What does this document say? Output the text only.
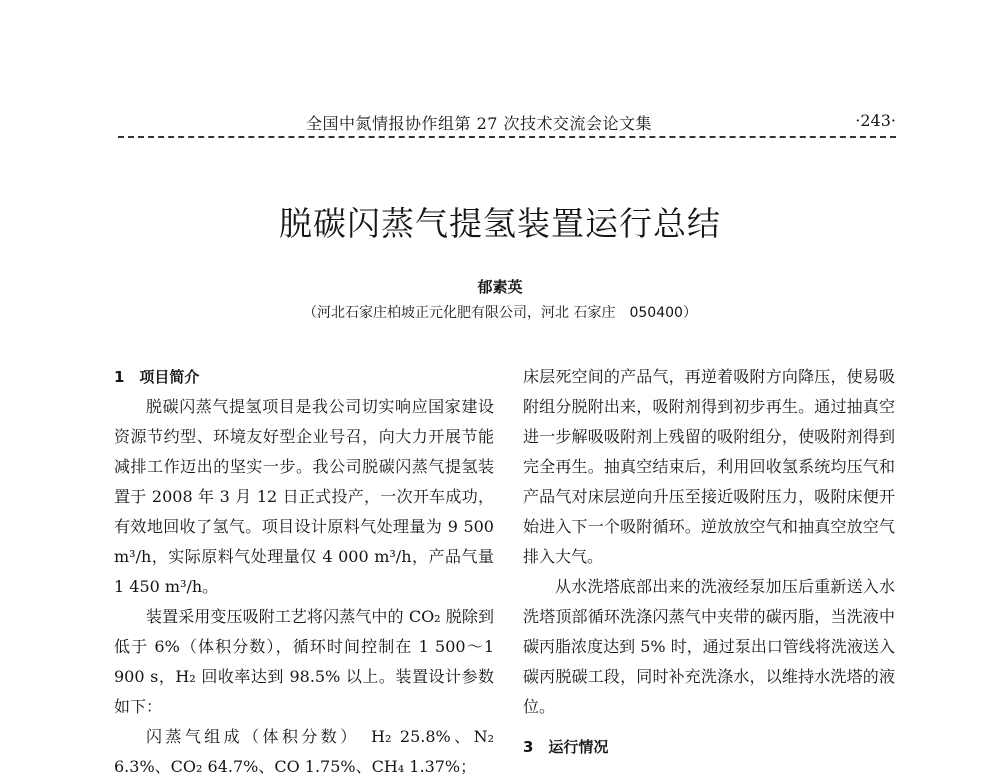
全国中氮情报协作组第 27 次技术交流会论文集	·243·
脱碳闪蒸气提氢装置运行总结
郁素英
（河北石家庄柏坡正元化肥有限公司，河北 石家庄　050400）

1　项目简介

脱碳闪蒸气提氢项目是我公司切实响应国家建设资源节约型、环境友好型企业号召，向大力开展节能减排工作迈出的坚实一步。我公司脱碳闪蒸气提氢装置于 2008 年 3 月 12 日正式投产，一次开车成功，有效地回收了氢气。项目设计原料气处理量为 9 500 m³/h，实际原料气处理量仅 4 000 m³/h，产品气量 1 450 m³/h。

装置采用变压吸附工艺将闪蒸气中的 CO₂ 脱除到低于 6%（体积分数），循环时间控制在 1 500～1 900 s，H₂ 回收率达到 98.5% 以上。装置设计参数如下：

闪蒸气组成（体积分数）　H₂ 25.8%、N₂ 6.3%、CO₂ 64.7%、CO 1.75%、CH₄ 1.37%；

床层死空间的产品气，再逆着吸附方向降压，使易吸附组分脱附出来，吸附剂得到初步再生。通过抽真空进一步解吸吸附剂上残留的吸附组分，使吸附剂得到完全再生。抽真空结束后，利用回收氢系统均压气和产品气对床层逆向升压至接近吸附压力，吸附床便开始进入下一个吸附循环。逆放放空气和抽真空放空气排入大气。

从水洗塔底部出来的洗液经泵加压后重新送入水洗塔顶部循环洗涤闪蒸气中夹带的碳丙脂，当洗液中碳丙脂浓度达到 5% 时，通过泵出口管线将洗液送入碳丙脱碳工段，同时补充洗涤水，以维持水洗塔的液位。

3　运行情况
